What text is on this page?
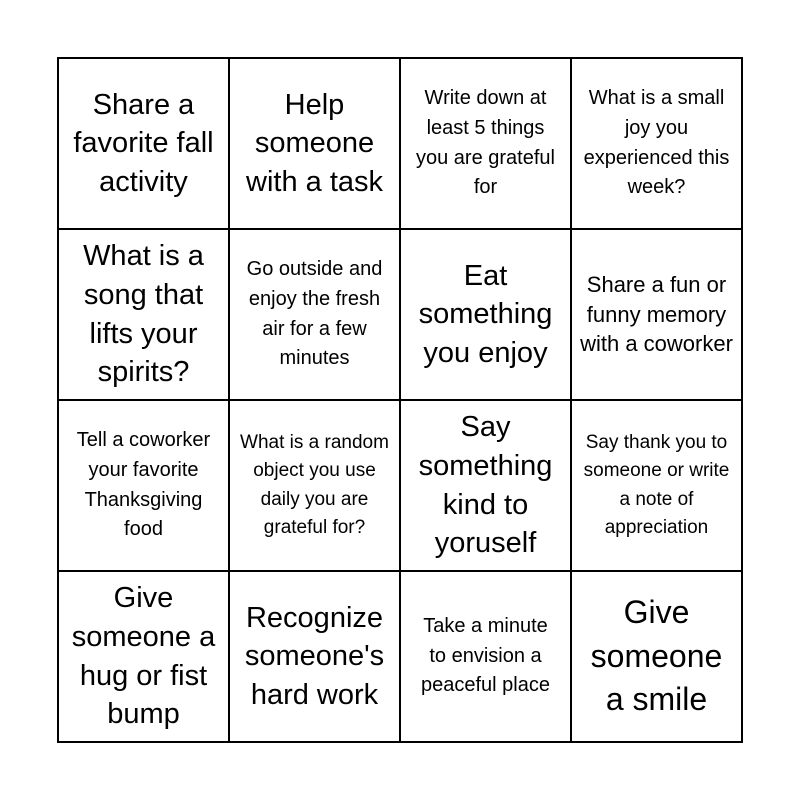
Share a favorite fall activity
Help someone with a task
Write down at least 5 things you are grateful for
What is a small joy you experienced this week?
What is a song that lifts your spirits?
Go outside and enjoy the fresh air for a few minutes
Eat something you enjoy
Share a fun or funny memory with a coworker
Tell a coworker your favorite Thanksgiving food
What is a random object you use daily you are grateful for?
Say something kind to yoruself
Say thank you to someone or write a note of appreciation
Give someone a hug or fist bump
Recognize someone's hard work
Take a minute to envision a peaceful place
Give someone a smile
